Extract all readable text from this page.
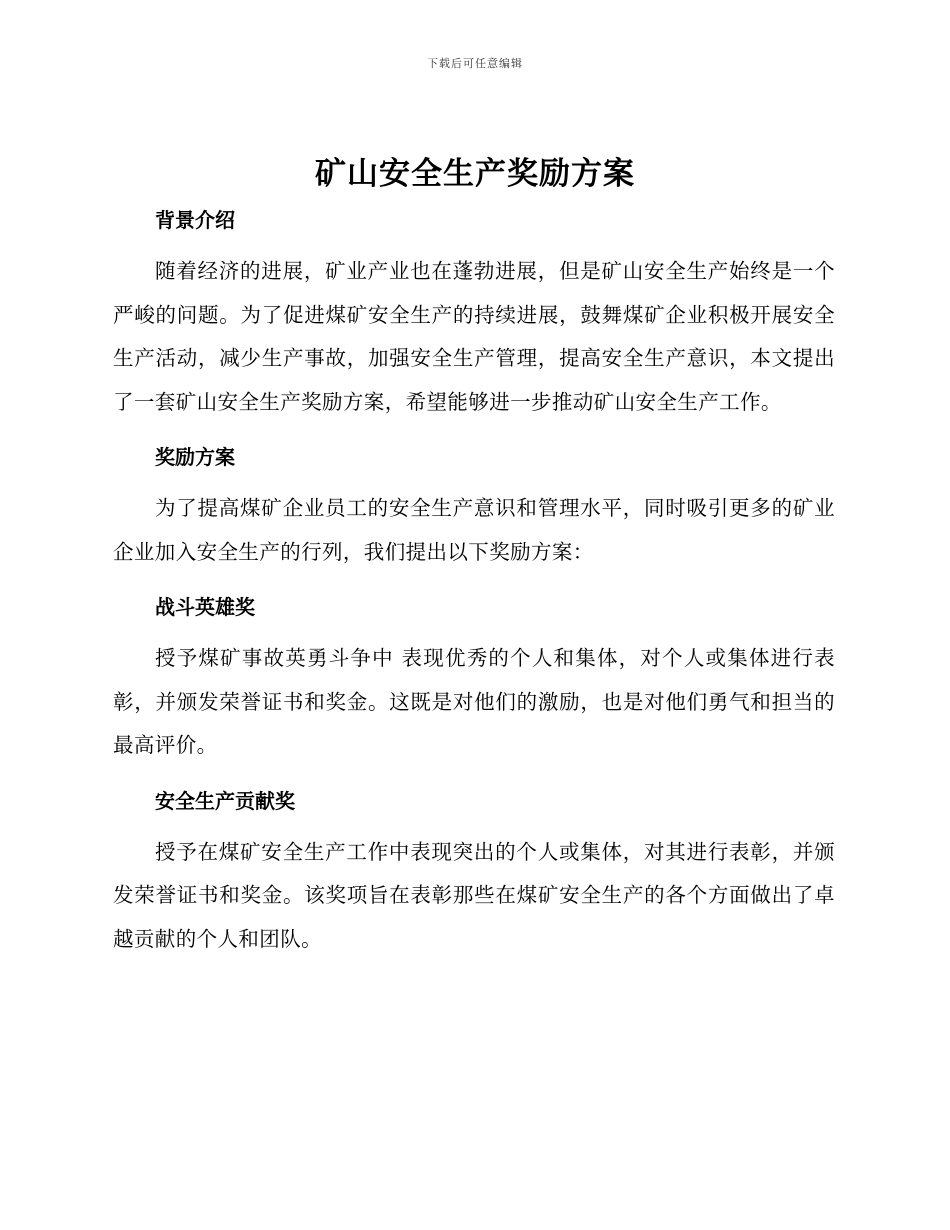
下载后可任意编辑
矿山安全生产奖励方案
背景介绍

随着经济的进展，矿业产业也在蓬勃进展，但是矿山安全生产始终是一个严峻的问题。为了促进煤矿安全生产的持续进展，鼓舞煤矿企业积极开展安全生产活动，减少生产事故，加强安全生产管理，提高安全生产意识，本文提出了一套矿山安全生产奖励方案，希望能够进一步推动矿山安全生产工作。

奖励方案

为了提高煤矿企业员工的安全生产意识和管理水平，同时吸引更多的矿业企业加入安全生产的行列，我们提出以下奖励方案：

战斗英雄奖

授予煤矿事故英勇斗争中 表现优秀的个人和集体，对个人或集体进行表彰，并颁发荣誉证书和奖金。这既是对他们的激励，也是对他们勇气和担当的最高评价。

安全生产贡献奖

授予在煤矿安全生产工作中表现突出的个人或集体，对其进行表彰，并颁发荣誉证书和奖金。该奖项旨在表彰那些在煤矿安全生产的各个方面做出了卓越贡献的个人和团队。
